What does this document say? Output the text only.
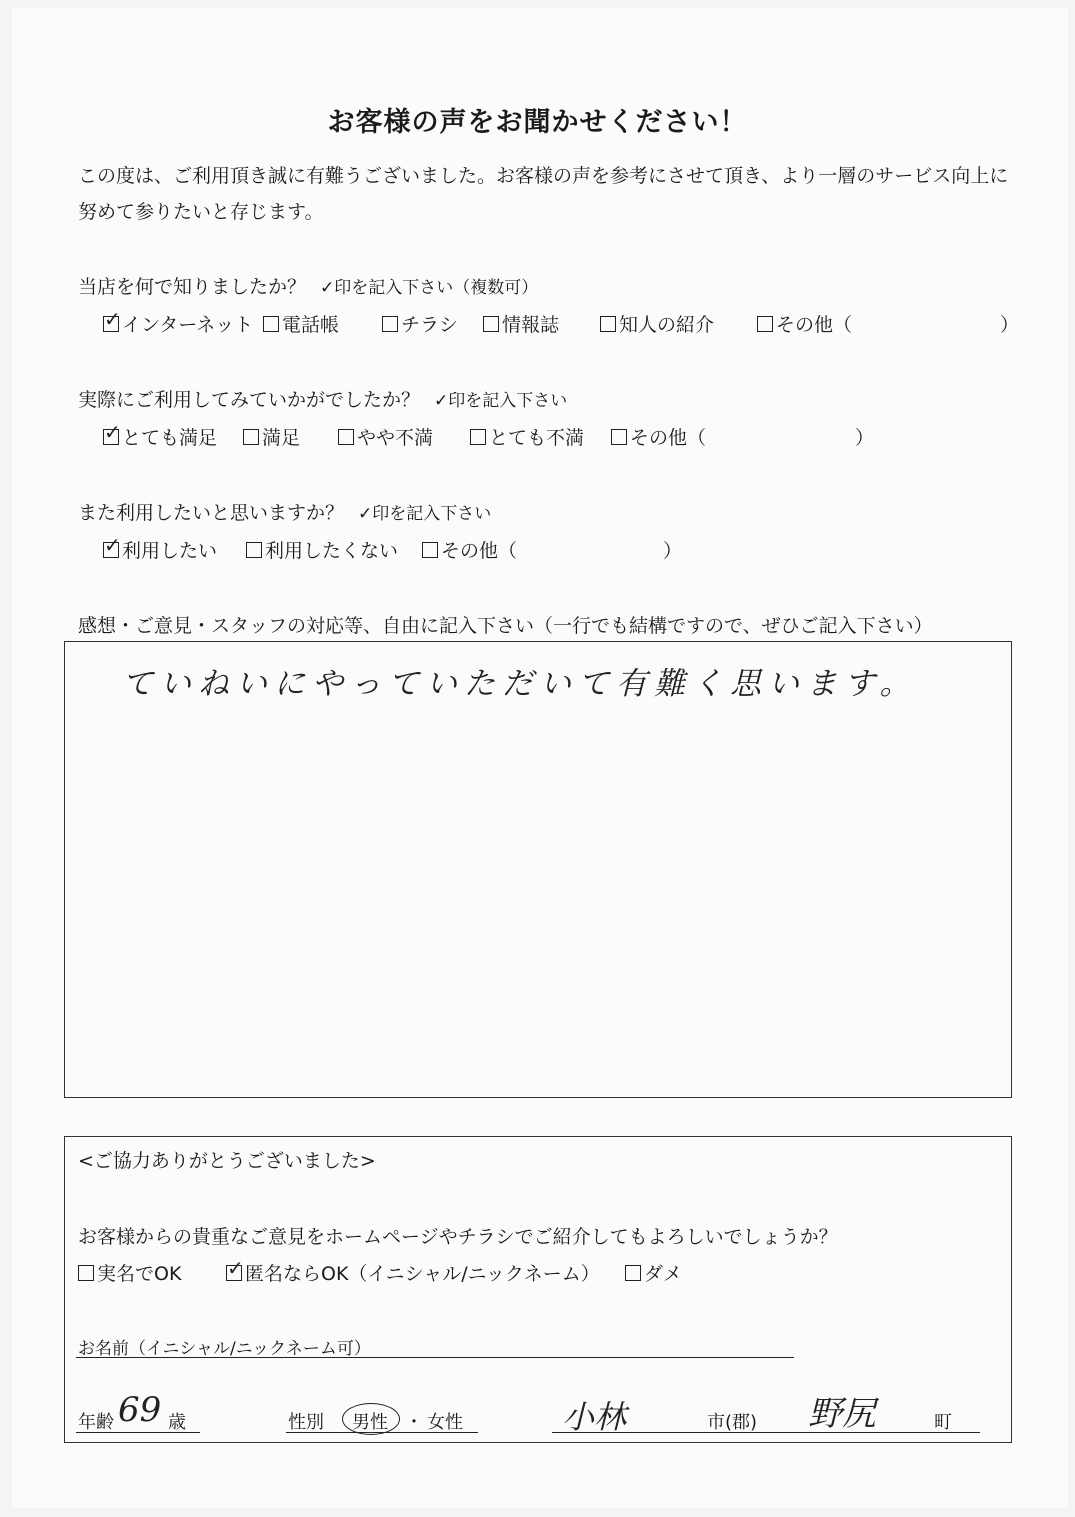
お客様の声をお聞かせください！
この度は、ご利用頂き誠に有難うございました。お客様の声を参考にさせて頂き、より一層のサービス向上に努めて参りたいと存じます。
当店を何で知りましたか？ ✓印を記入下さい（複数可）
✓インターネット	電話帳	チラシ	情報誌	知人の紹介	その他（	）
実際にご利用してみていかがでしたか？ ✓印を記入下さい
✓とても満足	満足	やや不満	とても不満	その他（	）
また利用したいと思いますか？ ✓印を記入下さい
✓利用したい	利用したくない	その他（	）
感想・ご意見・スタッフの対応等、自由に記入下さい（一行でも結構ですので、ぜひご記入下さい）
ていねいにやっていただいて有難く思います。
<ご協力ありがとうございました>
お客様からの貴重なご意見をホームページやチラシでご紹介してもよろしいでしょうか？
実名でOK
✓	匿名ならOK（イニシャル/ニックネーム）	ダメ
お名前（イニシャル/ニックネーム可）
年齢 69 歳	性別 男性 ・ 女性	小林	市(郡) 野尻	町
